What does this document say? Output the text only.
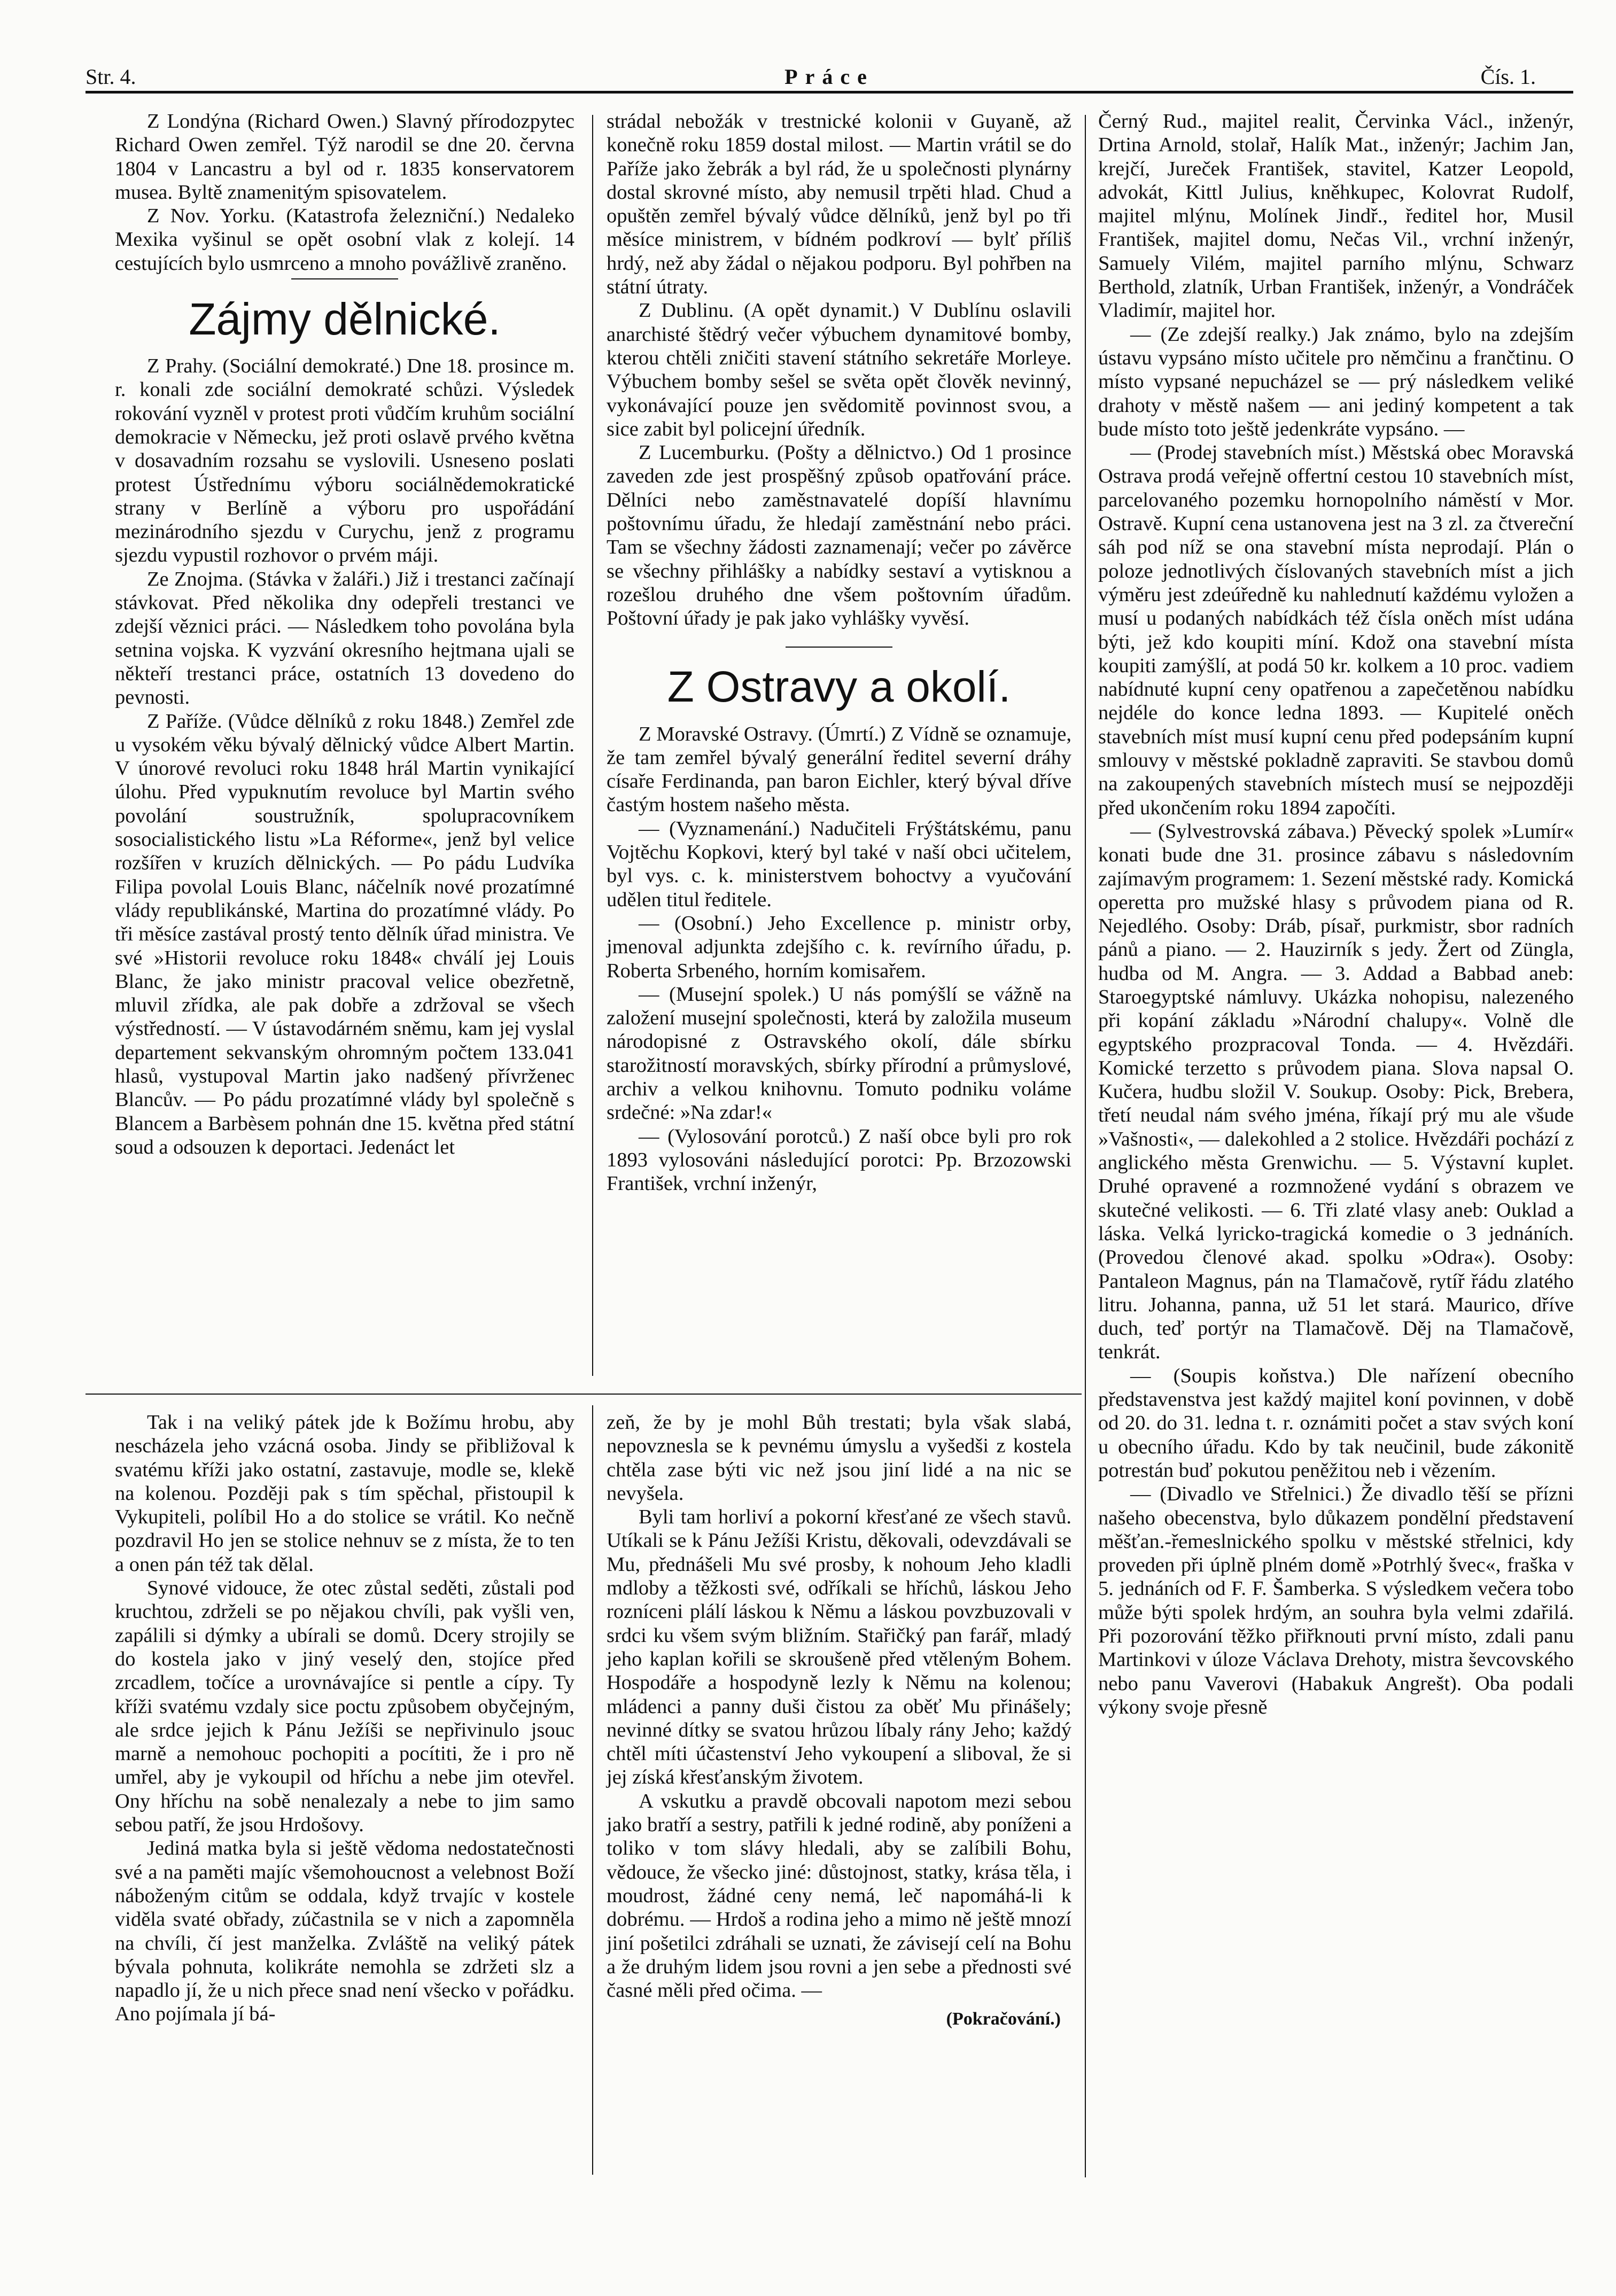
Str. 4.	Práce	Čís. 1.

Z Londýna (Richard Owen.) Slavný přírodozpytec Richard Owen zemřel. Týž narodil se dne 20. června 1804 v Lancastru a byl od r. 1835 konservatorem musea. Byltě znamenitým spisovatelem.

Z Nov. Yorku. (Katastrofa železniční.) Nedaleko Mexika vyšinul se opět osobní vlak z kolejí. 14 cestujících bylo usmrceno a mnoho povážlivě zraněno.

Zájmy dělnické.

Z Prahy. (Sociální demokraté.) Dne 18. prosince m. r. konali zde sociální demokraté schůzi. Výsledek rokování vyzněl v protest proti vůdčím kruhům sociální demokracie v Německu, jež proti oslavě prvého května v dosavadním rozsahu se vyslovili. Usneseno poslati protest Ústřednímu výboru sociálnědemokratické strany v Berlíně a výboru pro uspořádání mezinárodního sjezdu v Curychu, jenž z programu sjezdu vypustil rozhovor o prvém máji.

Ze Znojma. (Stávka v žaláři.) Již i trestanci začínají stávkovat. Před několika dny odepřeli trestanci ve zdejší věznici práci. — Následkem toho povolána byla setnina vojska. K vyzvání okresního hejtmana ujali se někteří trestanci práce, ostatních 13 dovedeno do pevnosti.

Z Paříže. (Vůdce dělníků z roku 1848.) Zemřel zde u vysokém věku bývalý dělnický vůdce Albert Martin. V únorové revoluci roku 1848 hrál Martin vynikající úlohu. Před vypuknutím revoluce byl Martin svého povolání soustružník, spolupracovníkem sosocialistického listu »La Réforme«, jenž byl velice rozšířen v kruzích dělnických. — Po pádu Ludvíka Filipa povolal Louis Blanc, náčelník nové prozatímné vlády republikánské, Martina do prozatímné vlády. Po tři měsíce zastával prostý tento dělník úřad ministra. Ve své »Historii revoluce roku 1848« chválí jej Louis Blanc, že jako ministr pracoval velice obezřetně, mluvil zřídka, ale pak dobře a zdržoval se všech výstředností. — V ústavodárném sněmu, kam jej vyslal departement sekvanským ohromným počtem 133.041 hlasů, vystupoval Martin jako nadšený přívrženec Blancův. — Po pádu prozatímné vlády byl společně s Blancem a Barbèsem pohnán dne 15. května před státní soud a odsouzen k deportaci. Jedenáct let

strádal nebožák v trestnické kolonii v Guyaně, až konečně roku 1859 dostal milost. — Martin vrátil se do Paříže jako žebrák a byl rád, že u společnosti plynárny dostal skrovné místo, aby nemusil trpěti hlad. Chud a opuštěn zemřel bývalý vůdce dělníků, jenž byl po tři měsíce ministrem, v bídném podkroví — bylť příliš hrdý, než aby žádal o nějakou podporu. Byl pohřben na státní útraty.

Z Dublinu. (A opět dynamit.) V Dublínu oslavili anarchisté štědrý večer výbuchem dynamitové bomby, kterou chtěli zničiti stavení státního sekretáře Morleye. Výbuchem bomby sešel se světa opět člověk nevinný, vykonávající pouze jen svědomitě povinnost svou, a sice zabit byl policejní úředník.

Z Lucemburku. (Pošty a dělnictvo.) Od 1 prosince zaveden zde jest prospěšný způsob opatřování práce. Dělníci nebo zaměstnavatelé dopíší hlavnímu poštovnímu úřadu, že hledají zaměstnání nebo práci. Tam se všechny žádosti zaznamenají; večer po závěrce se všechny přihlášky a nabídky sestaví a vytisknou a rozešlou druhého dne všem poštovním úřadům. Poštovní úřady je pak jako vyhlášky vyvěsí.

Z Ostravy a okolí.

Z Moravské Ostravy. (Úmrtí.) Z Vídně se oznamuje, že tam zemřel bývalý generální ředitel severní dráhy císaře Ferdinanda, pan baron Eichler, který býval dříve častým hostem našeho města.

— (Vyznamenání.) Nadučiteli Frýštátskému, panu Vojtěchu Kopkovi, který byl také v naší obci učitelem, byl vys. c. k. ministerstvem bohoctvy a vyučování udělen titul ředitele.

— (Osobní.) Jeho Excellence p. ministr orby, jmenoval adjunkta zdejšího c. k. revírního úřadu, p. Roberta Srbeného, horním komisařem.

— (Musejní spolek.) U nás pomýšlí se vážně na založení musejní společnosti, která by založila museum národopisné z Ostravského okolí, dále sbírku starožitností moravských, sbírky přírodní a průmyslové, archiv a velkou knihovnu. Tomuto podniku voláme srdečné: »Na zdar!«

— (Vylosování porotců.) Z naší obce byli pro rok 1893 vylosováni následující porotci: Pp. Brzozowski František, vrchní inženýr,

Černý Rud., majitel realit, Červinka Václ., inženýr, Drtina Arnold, stolař, Halík Mat., inženýr; Jachim Jan, krejčí, Jureček František, stavitel, Katzer Leopold, advokát, Kittl Julius, kněhkupec, Kolovrat Rudolf, majitel mlýnu, Molínek Jindř., ředitel hor, Musil František, majitel domu, Nečas Vil., vrchní inženýr, Samuely Vilém, majitel parního mlýnu, Schwarz Berthold, zlatník, Urban František, inženýr, a Vondráček Vladimír, majitel hor.

— (Ze zdejší realky.) Jak známo, bylo na zdejším ústavu vypsáno místo učitele pro němčinu a frančtinu. O místo vypsané nepucházel se — prý následkem veliké drahoty v městě našem — ani jediný kompetent a tak bude místo toto ještě jedenkráte vypsáno. —

— (Prodej stavebních míst.) Městská obec Moravská Ostrava prodá veřejně offertní cestou 10 stavebních míst, parcelovaného pozemku hornopolního náměstí v Mor. Ostravě. Kupní cena ustanovena jest na 3 zl. za čtvereční sáh pod níž se ona stavební místa neprodají. Plán o poloze jednotlivých číslovaných stavebních míst a jich výměru jest zdeúředně ku nahlednutí každému vyložen a musí u podaných nabídkách též čísla oněch míst udána býti, jež kdo koupiti míní. Kdož ona stavební místa koupiti zamýšlí, at podá 50 kr. kolkem a 10 proc. vadiem nabídnuté kupní ceny opatřenou a zapečetěnou nabídku nejdéle do konce ledna 1893. — Kupitelé oněch stavebních míst musí kupní cenu před podepsáním kupní smlouvy v městské pokladně zapraviti. Se stavbou domů na zakoupených stavebních místech musí se nejpozději před ukončením roku 1894 započíti.

— (Sylvestrovská zábava.) Pěvecký spolek »Lumír« konati bude dne 31. prosince zábavu s následovním zajímavým programem: 1. Sezení městské rady. Komická operetta pro mužské hlasy s průvodem piana od R. Nejedlého. Osoby: Dráb, písař, purkmistr, sbor radních pánů a piano. — 2. Hauzirník s jedy. Žert od Züngla, hudba od M. Angra. — 3. Addad a Babbad aneb: Staroegyptské námluvy. Ukázka nohopisu, nalezeného při kopání základu »Národní chalupy«. Volně dle egyptského prozpracoval Tonda. — 4. Hvězdáři. Komické terzetto s průvodem piana. Slova napsal O. Kučera, hudbu složil V. Soukup. Osoby: Pick, Brebera, třetí neudal nám svého jména, říkají prý mu ale všude »Vašnosti«, — dalekohled a 2 stolice. Hvězdáři pochází z anglického města Grenwichu. — 5. Výstavní kuplet. Druhé opravené a rozmnožené vydání s obrazem ve skutečné velikosti. — 6. Tři zlaté vlasy aneb: Ouklad a láska. Velká lyricko-tragická komedie o 3 jednáních. (Provedou členové akad. spolku »Odra«). Osoby: Pantaleon Magnus, pán na Tlamačově, rytíř řádu zlatého litru. Johanna, panna, už 51 let stará. Maurico, dříve duch, teď portýr na Tlamačově. Děj na Tlamačově, tenkrát.

— (Soupis koňstva.) Dle nařízení obecního představenstva jest každý majitel koní povinnen, v době od 20. do 31. ledna t. r. oznámiti počet a stav svých koní u obecního úřadu. Kdo by tak neučinil, bude zákonitě potrestán buď pokutou peněžitou neb i vězením.

— (Divadlo ve Střelnici.) Že divadlo těší se přízni našeho obecenstva, bylo důkazem pondělní představení měšťan.-řemeslnického spolku v městské střelnici, kdy proveden při úplně plném domě »Potrhlý švec«, fraška v 5. jednáních od F. F. Šamberka. S výsledkem večera tobo může býti spolek hrdým, an souhra byla velmi zdařilá. Při pozorování těžko přiřknouti první místo, zdali panu Martinkovi v úloze Václava Drehoty, mistra ševcovského nebo panu Vaverovi (Habakuk Angrešt). Oba podali výkony svoje přesně

Tak i na veliký pátek jde k Božímu hrobu, aby nescházela jeho vzácná osoba. Jindy se přibližoval k svatému kříži jako ostatní, zastavuje, modle se, klekě na kolenou. Později pak s tím spěchal, přistoupil k Vykupiteli, políbil Ho a do stolice se vrátil. Ko nečně pozdravil Ho jen se stolice nehnuv se z místa, že to ten a onen pán též tak dělal.

Synové vidouce, že otec zůstal seděti, zůstali pod kruchtou, zdrželi se po nějakou chvíli, pak vyšli ven, zapálili si dýmky a ubírali se domů. Dcery strojily se do kostela jako v jiný veselý den, stojíce před zrcadlem, točíce a urovnávajíce si pentle a cípy. Ty kříži svatému vzdaly sice poctu způsobem obyčejným, ale srdce jejich k Pánu Ježíši se nepřivinulo jsouc marně a nemohouc pochopiti a pocítiti, že i pro ně umřel, aby je vykoupil od hříchu a nebe jim otevřel. Ony hříchu na sobě nenalezaly a nebe to jim samo sebou patří, že jsou Hrdošovy.

Jediná matka byla si ještě vědoma nedostatečnosti své a na paměti majíc všemohoucnost a velebnost Boží náboženým citům se oddala, když trvajíc v kostele viděla svaté obřady, zúčastnila se v nich a zapomněla na chvíli, čí jest manželka. Zvláště na veliký pátek bývala pohnuta, kolikráte nemohla se zdržeti slz a napadlo jí, že u nich přece snad není všecko v pořádku. Ano pojímala jí bá-

zeň, že by je mohl Bůh trestati; byla však slabá, nepovznesla se k pevnému úmyslu a vyšedši z kostela chtěla zase býti vic než jsou jiní lidé a na nic se nevyšela.

Byli tam horliví a pokorní křesťané ze všech stavů. Utíkali se k Pánu Ježíši Kristu, děkovali, odevzdávali se Mu, přednášeli Mu své prosby, k nohoum Jeho kladli mdloby a těžkosti své, odříkali se hříchů, láskou Jeho rozníceni plálí láskou k Němu a láskou povzbuzovali v srdci ku všem svým bližním. Stařičký pan farář, mladý jeho kaplan kořili se skroušeně před vtěleným Bohem. Hospodáře a hospodyně lezly k Němu na kolenou; mládenci a panny duši čistou za oběť Mu přinášely; nevinné dítky se svatou hrůzou líbaly rány Jeho; každý chtěl míti účastenství Jeho vykoupení a sliboval, že si jej získá křesťanským životem.

A vskutku a pravdě obcovali napotom mezi sebou jako bratří a sestry, patřili k jedné rodině, aby poníženi a toliko v tom slávy hledali, aby se zalíbili Bohu, vědouce, že všecko jiné: důstojnost, statky, krása těla, i moudrost, žádné ceny nemá, leč napomáhá-li k dobrému. — Hrdoš a rodina jeho a mimo ně ještě mnozí jiní pošetilci zdráhali se uznati, že závisejí celí na Bohu a že druhým lidem jsou rovni a jen sebe a přednosti své časné měli před očima. —

(Pokračování.)
